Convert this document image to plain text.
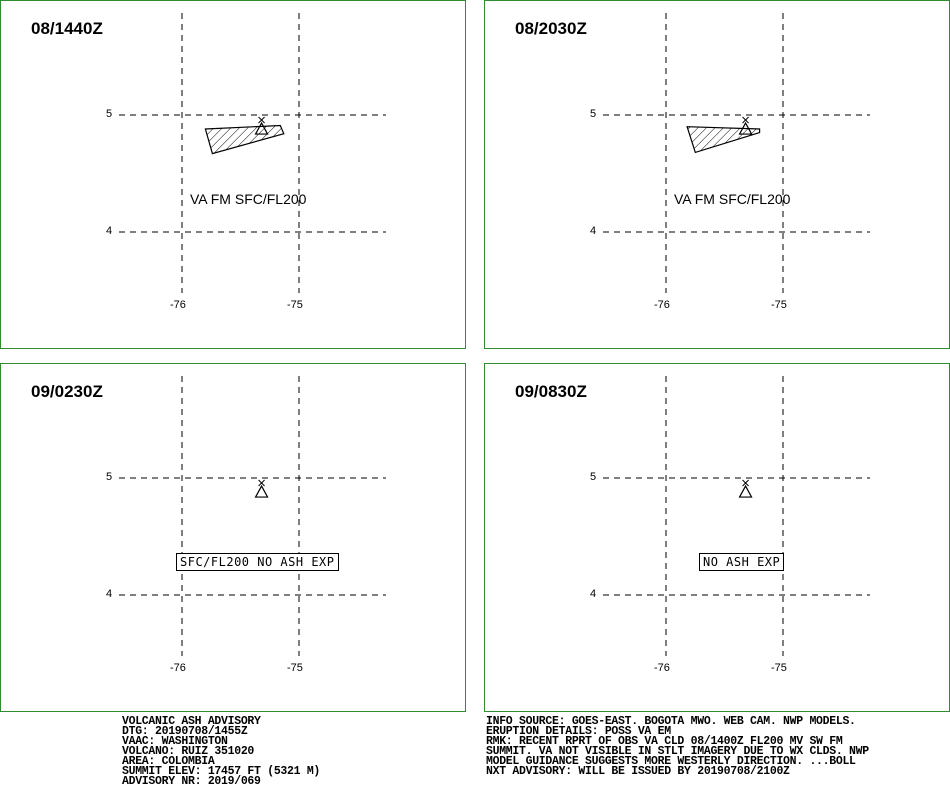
08/1440Z
5
4
-76	-75
VA FM SFC/FL200
08/2030Z
5
4
-76	-75
VA FM SFC/FL200
09/0230Z
5
4
-76	-75
SFC/FL200 NO ASH EXP
09/0830Z
5
4
-76	-75
NO ASH EXP
VOLCANIC ASH ADVISORY
DTG: 20190708/1455Z
VAAC: WASHINGTON
VOLCANO: RUIZ 351020
AREA: COLOMBIA
SUMMIT ELEV: 17457 FT (5321 M)
ADVISORY NR: 2019/069
INFO SOURCE: GOES-EAST. BOGOTA MWO. WEB CAM. NWP MODELS.
ERUPTION DETAILS: POSS VA EM
RMK: RECENT RPRT OF OBS VA CLD 08/1400Z FL200 MV SW FM
SUMMIT. VA NOT VISIBLE IN STLT IMAGERY DUE TO WX CLDS. NWP
MODEL GUIDANCE SUGGESTS MORE WESTERLY DIRECTION. ...BOLL
NXT ADVISORY: WILL BE ISSUED BY 20190708/2100Z
